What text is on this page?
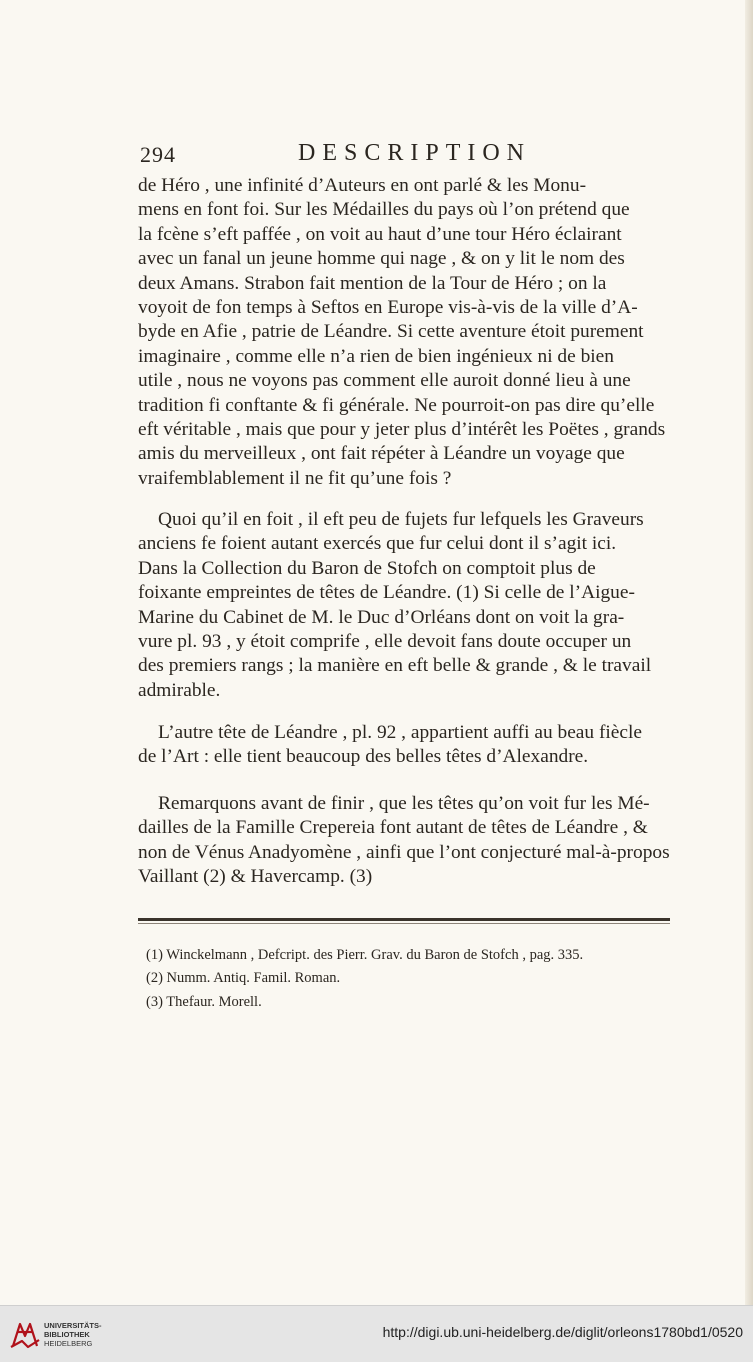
294	DESCRIPTION

de Héro , une infinité d’Auteurs en ont parlé & les Monu-
mens en font foi. Sur les Médailles du pays où l’on prétend que
la fcène s’eft paffée , on voit au haut d’une tour Héro éclairant
avec un fanal un jeune homme qui nage , & on y lit le nom des
deux Amans. Strabon fait mention de la Tour de Héro ; on la
voyoit de fon temps à Seftos en Europe vis-à-vis de la ville d’A-
byde en Afie , patrie de Léandre. Si cette aventure étoit purement
imaginaire , comme elle n’a rien de bien ingénieux ni de bien
utile , nous ne voyons pas comment elle auroit donné lieu à une
tradition fi conftante & fi générale. Ne pourroit-on pas dire qu’elle
eft véritable , mais que pour y jeter plus d’intérêt les Poëtes , grands
amis du merveilleux , ont fait répéter à Léandre un voyage que
vraifemblablement il ne fit qu’une fois ?

Quoi qu’il en foit , il eft peu de fujets fur lefquels les Graveurs
anciens fe foient autant exercés que fur celui dont il s’agit ici.
Dans la Collection du Baron de Stofch on comptoit plus de
foixante empreintes de têtes de Léandre. (1) Si celle de l’Aigue-
Marine du Cabinet de M. le Duc d’Orléans dont on voit la gra-
vure pl. 93 , y étoit comprife , elle devoit fans doute occuper un
des premiers rangs ; la manière en eft belle & grande , & le travail
admirable.

L’autre tête de Léandre , pl. 92 , appartient auffi au beau fiècle
de l’Art : elle tient beaucoup des belles têtes d’Alexandre.

Remarquons avant de finir , que les têtes qu’on voit fur les Mé-
dailles de la Famille Crepereia font autant de têtes de Léandre , &
non de Vénus Anadyomène , ainfi que l’ont conjecturé mal-à-propos
Vaillant (2) & Havercamp. (3)

(1) Winckelmann , Defcript. des Pierr. Grav. du Baron de Stofch , pag. 335.

(2) Numm. Antiq. Famil. Roman.

(3) Thefaur. Morell.

UNIVERSITÄTS-
BIBLIOTHEK
HEIDELBERG
http://digi.ub.uni-heidelberg.de/diglit/orleons1780bd1/0520
